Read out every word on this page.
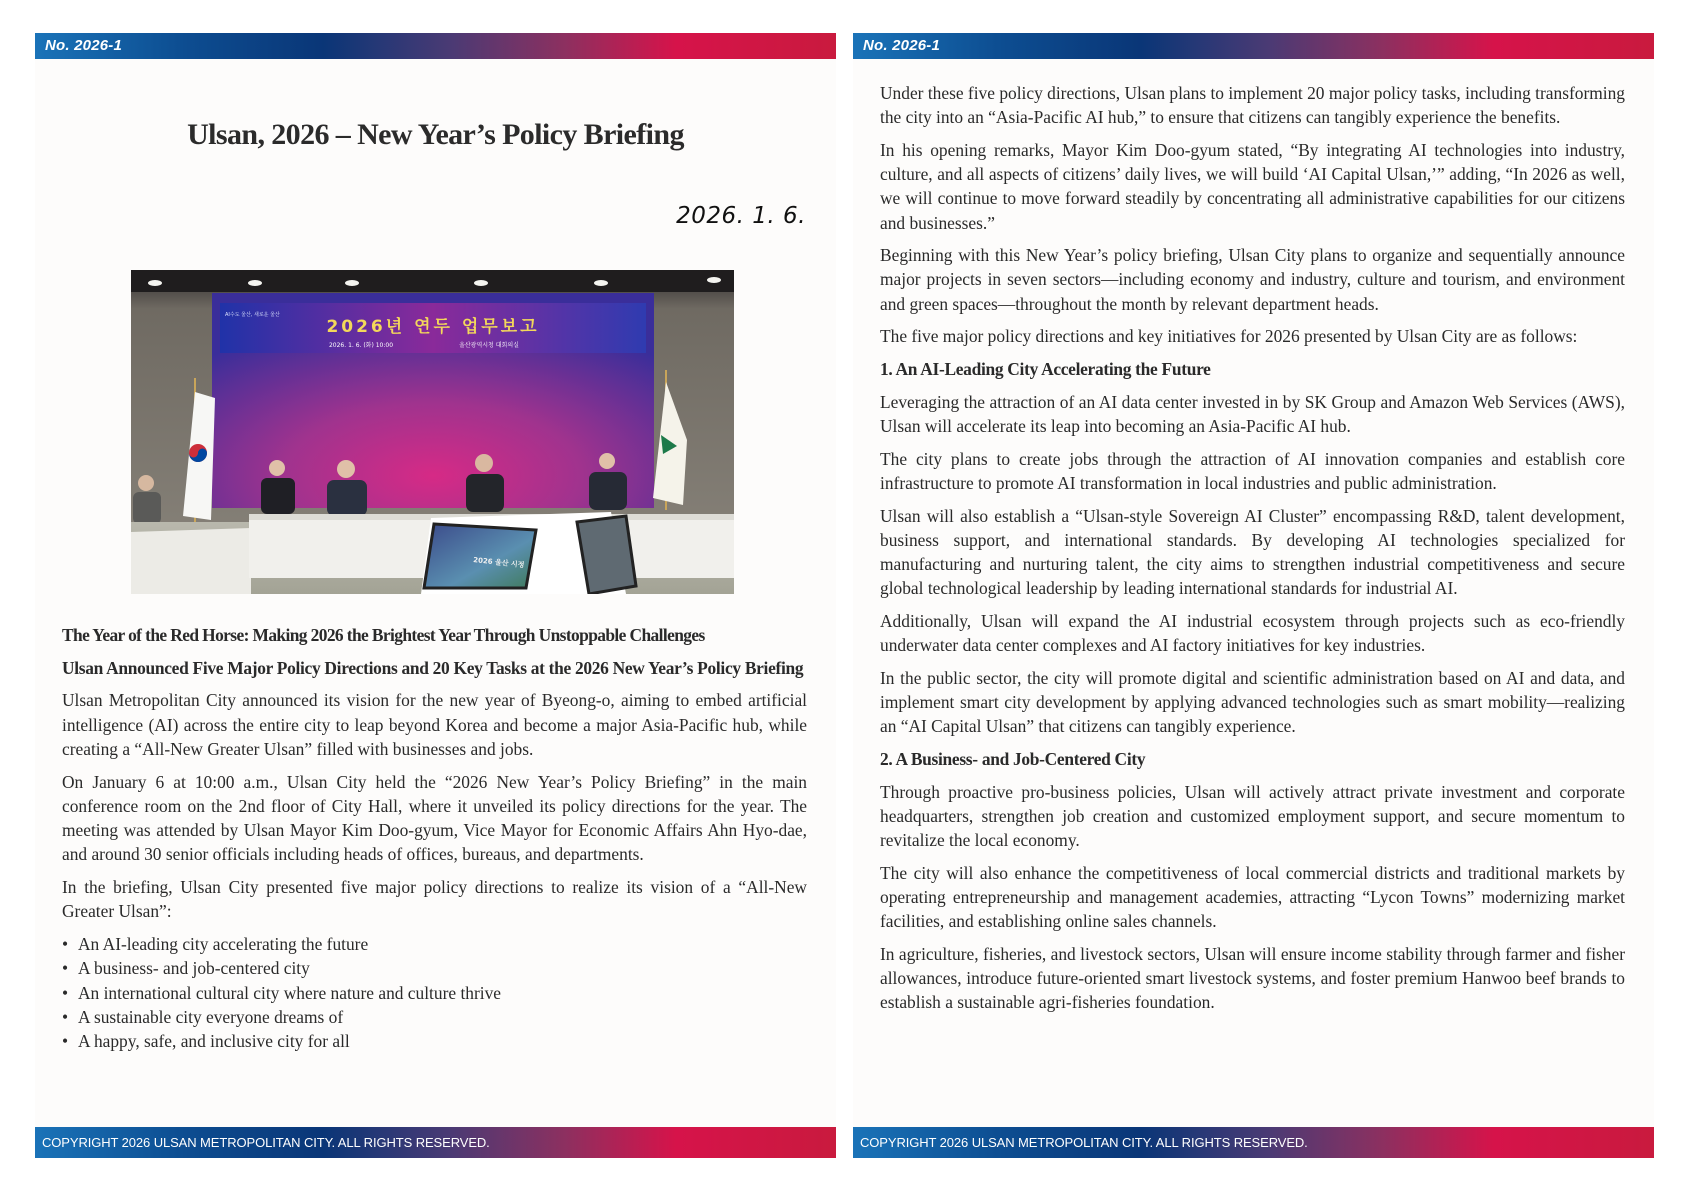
No. 2026-1
Ulsan, 2026 – New Year’s Policy Briefing
2026. 1. 6.
2026년 연두 업무보고
2026. 1. 6. (화) 10:00	울산광역시청 대회의실
AI수도 울산, 새로운 울산
2026 울산 시정
The Year of the Red Horse: Making 2026 the Brightest Year Through Unstoppable Challenges
Ulsan Announced Five Major Policy Directions and 20 Key Tasks at the 2026 New Year’s Policy Briefing

Ulsan Metropolitan City announced its vision for the new year of Byeong-o, aiming to embed artificial intelligence (AI) across the entire city to leap beyond Korea and become a major Asia-Pacific hub, while creating a “All-New Greater Ulsan” filled with businesses and jobs.

On January 6 at 10:00 a.m., Ulsan City held the “2026 New Year’s Policy Briefing” in the main conference room on the 2nd floor of City Hall, where it unveiled its policy directions for the year. The meeting was attended by Ulsan Mayor Kim Doo-gyum, Vice Mayor for Economic Affairs Ahn Hyo-dae, and around 30 senior officials including heads of offices, bureaus, and departments.

In the briefing, Ulsan City presented five major policy directions to realize its vision of a “All-New Greater Ulsan”:

• An AI-leading city accelerating the future
• A business- and job-centered city
• An international cultural city where nature and culture thrive
• A sustainable city everyone dreams of
• A happy, safe, and inclusive city for all
COPYRIGHT 2026 ULSAN METROPOLITAN CITY. ALL RIGHTS RESERVED.
No. 2026-1

Under these five policy directions, Ulsan plans to implement 20 major policy tasks, including transforming the city into an “Asia-Pacific AI hub,” to ensure that citizens can tangibly experience the benefits.

In his opening remarks, Mayor Kim Doo-gyum stated, “By integrating AI technologies into industry, culture, and all aspects of citizens’ daily lives, we will build ‘AI Capital Ulsan,’” adding, “In 2026 as well, we will continue to move forward steadily by concentrating all administrative capabilities for our citizens and businesses.”

Beginning with this New Year’s policy briefing, Ulsan City plans to organize and sequentially announce major projects in seven sectors—including economy and industry, culture and tourism, and environment and green spaces—throughout the month by relevant department heads.

The five major policy directions and key initiatives for 2026 presented by Ulsan City are as follows:

1. An AI-Leading City Accelerating the Future

Leveraging the attraction of an AI data center invested in by SK Group and Amazon Web Services (AWS), Ulsan will accelerate its leap into becoming an Asia-Pacific AI hub.

The city plans to create jobs through the attraction of AI innovation companies and establish core infrastructure to promote AI transformation in local industries and public administration.

Ulsan will also establish a “Ulsan-style Sovereign AI Cluster” encompassing R&D, talent development, business support, and international standards. By developing AI technologies specialized for manufacturing and nurturing talent, the city aims to strengthen industrial competitiveness and secure global technological leadership by leading international standards for industrial AI.

Additionally, Ulsan will expand the AI industrial ecosystem through projects such as eco-friendly underwater data center complexes and AI factory initiatives for key industries.

In the public sector, the city will promote digital and scientific administration based on AI and data, and implement smart city development by applying advanced technologies such as smart mobility—realizing an “AI Capital Ulsan” that citizens can tangibly experience.

2. A Business- and Job-Centered City

Through proactive pro-business policies, Ulsan will actively attract private investment and corporate headquarters, strengthen job creation and customized employment support, and secure momentum to revitalize the local economy.

The city will also enhance the competitiveness of local commercial districts and traditional markets by operating entrepreneurship and management academies, attracting “Lycon Towns” modernizing market facilities, and establishing online sales channels.

In agriculture, fisheries, and livestock sectors, Ulsan will ensure income stability through farmer and fisher allowances, introduce future-oriented smart livestock systems, and foster premium Hanwoo beef brands to establish a sustainable agri-fisheries foundation.

COPYRIGHT 2026 ULSAN METROPOLITAN CITY. ALL RIGHTS RESERVED.
